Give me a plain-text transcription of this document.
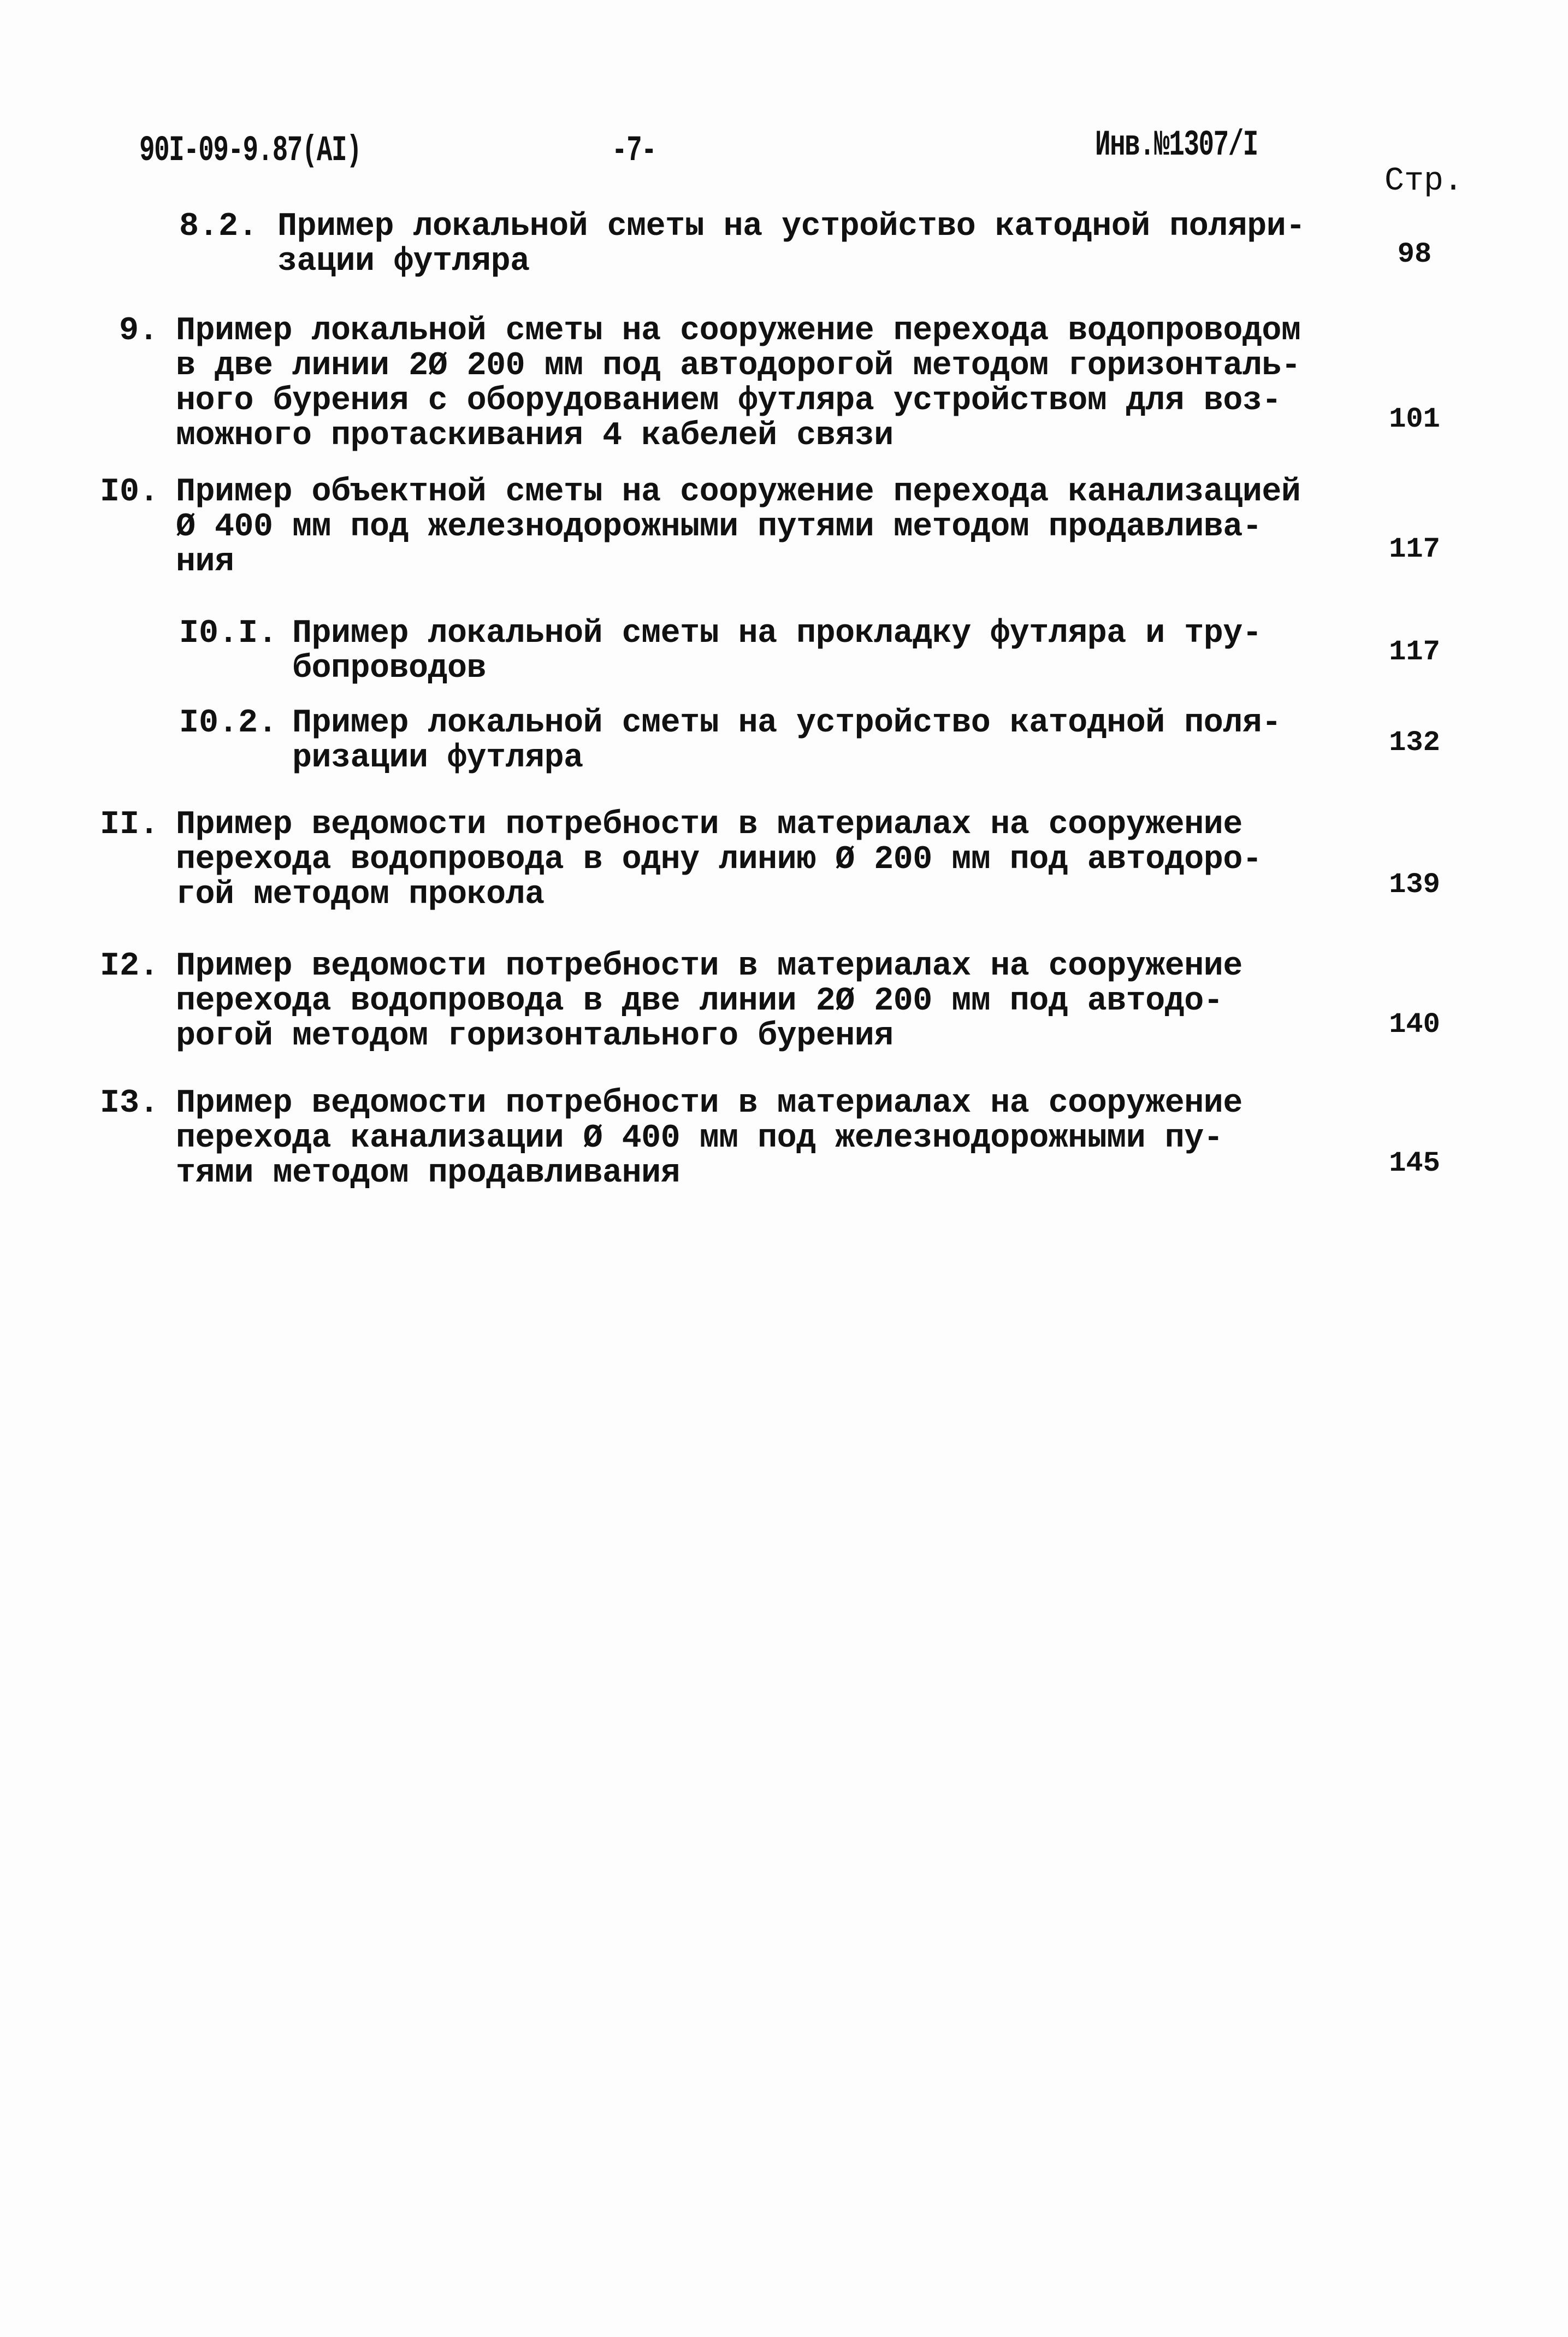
90I-09-9.87(AI)	-7-	Инв.№1307/I
Стр.
8.2. Пример локальной сметы на устройство катодной поляри-
зации футляра	98
9. Пример локальной сметы на сооружение перехода водопроводом
в две линии 2Ø 200 мм под автодорогой методом горизонталь-
ного бурения с оборудованием футляра устройством для воз-
можного протаскивания 4 кабелей связи	101
I0. Пример объектной сметы на сооружение перехода канализацией
Ø 400 мм под железнодорожными путями методом продавлива-
ния	117
I0.I. Пример локальной сметы на прокладку футляра и тру-
бопроводов	117
I0.2. Пример локальной сметы на устройство катодной поля-
ризации футляра	132
II. Пример ведомости потребности в материалах на сооружение
перехода водопровода в одну линию Ø 200 мм под автодоро-
гой методом прокола	139
I2. Пример ведомости потребности в материалах на сооружение
перехода водопровода в две линии 2Ø 200 мм под автодо-
рогой методом горизонтального бурения	140
I3. Пример ведомости потребности в материалах на сооружение
перехода канализации Ø 400 мм под железнодорожными пу-
тями методом продавливания	145
